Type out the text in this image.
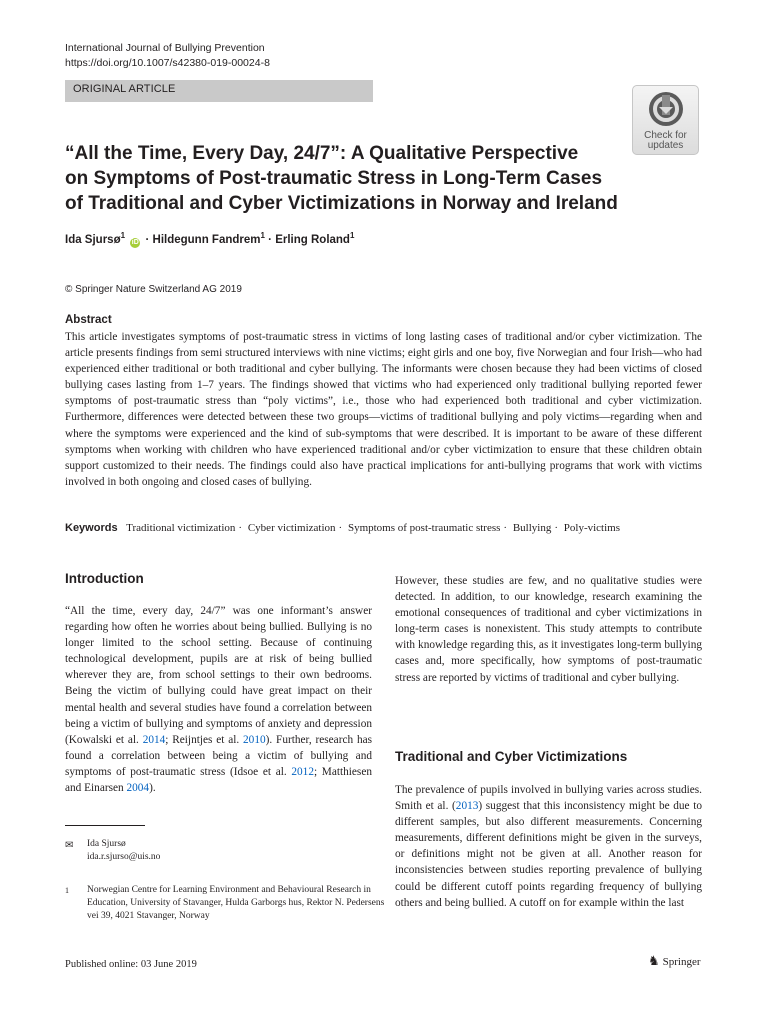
International Journal of Bullying Prevention
https://doi.org/10.1007/s42380-019-00024-8
ORIGINAL ARTICLE
Check for
updates
“All the Time, Every Day, 24/7”: A Qualitative Perspective
on Symptoms of Post-traumatic Stress in Long-Term Cases
of Traditional and Cyber Victimizations in Norway and Ireland
Ida Sjursø$^1$ iD · Hildegunn Fandrem$^1$ · Erling Roland$^1$
© Springer Nature Switzerland AG 2019
Abstract
This article investigates symptoms of post-traumatic stress in victims of long lasting cases of traditional and/or cyber victimization. The article presents findings from semi structured interviews with nine victims; eight girls and one boy, five Norwegian and four Irish—who had experienced either traditional or both traditional and cyber bullying. The informants were chosen because they had been victims of closed bullying cases lasting from 1–7 years. The findings showed that victims who had experienced only traditional bullying reported fewer symptoms of post-traumatic stress than “poly victims”, i.e., those who had experienced both traditional and cyber victimization. Furthermore, differences were detected between these two groups—victims of traditional bullying and poly victims—regarding when and where the symptoms were experienced and the kind of sub-symptoms that were described. It is important to be aware of these different symptoms when working with children who have experienced traditional and/or cyber victimization to ensure that these children obtain support customized to their needs. The findings could also have practical implications for anti-bullying programs that work with victims involved in both ongoing and closed cases of bullying.
Keywords Traditional victimization · Cyber victimization · Symptoms of post-traumatic stress · Bullying · Poly-victims
Introduction
“All the time, every day, 24/7” was one informant’s answer regarding how often he worries about being bullied. Bullying is no longer limited to the school setting. Because of continuing technological development, pupils are at risk of being bullied wherever they are, from school settings to their own bedrooms. Being the victim of bullying could have great impact on their mental health and several studies have found a correlation between being a victim of bullying and symptoms of anxiety and depression (Kowalski et al. 2014; Reijntjes et al. 2010). Further, research has found a correlation between being a victim of bullying and symptoms of post-traumatic stress (Idsoe et al. 2012; Matthiesen and Einarsen 2004).
However, these studies are few, and no qualitative studies were detected. In addition, to our knowledge, research examining the emotional consequences of traditional and cyber victimizations in long-term cases is nonexistent. This study attempts to contribute with knowledge regarding this, as it investigates long-term bullying cases and, more specifically, how symptoms of post-traumatic stress are reported by victims of traditional and cyber bullying.
Traditional and Cyber Victimizations
The prevalence of pupils involved in bullying varies across studies. Smith et al. (2013) suggest that this inconsistency might be due to different samples, but also different measurements. Concerning measurements, different definitions might be given in the surveys, or definitions might not be given at all. Another reason for inconsistencies between studies reporting prevalence of bullying could be different cutoff points regarding frequency of bullying others and being bullied. A cutoff on for example within the last
✉ Ida Sjursø
ida.r.sjurso@uis.no
1 Norwegian Centre for Learning Environment and Behavioural Research in Education, University of Stavanger, Hulda Garborgs hus, Rektor N. Pedersens vei 39, 4021 Stavanger, Norway
Published online: 03 June 2019	♞ Springer
